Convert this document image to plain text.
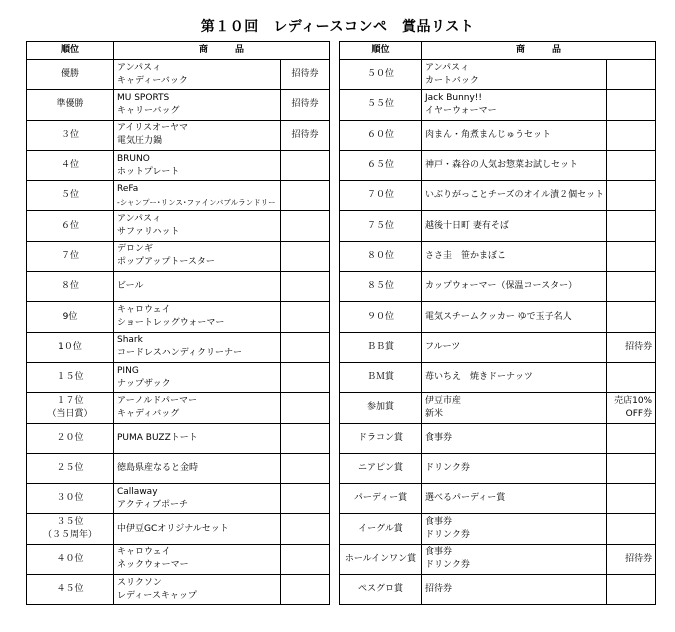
第１０回　レディースコンペ　賞品リスト
順位	商　　　品	

優勝	アンパスィ
キャディーバック	招待券

準優勝	MU SPORTS
キャリーバッグ	招待券

３位	アイリスオーヤマ
電気圧力鍋	招待券

４位	BRUNO
ホットプレート	

５位	ReFa
-シャンプー･リンス･ファインバブルランドリー	

６位	アンパスィ
サファリハット	

７位	デロンギ
ポップアップトースター	

８位	ビール	

9位	キャロウェイ
ショートレッグウォーマー	

1０位	Shark
コードレスハンディクリーナー	

１５位	PING
ナップザック	

１７位
（当日賞）	アーノルドパーマー
キャディバッグ	

２０位	PUMA BUZZトート	

２５位	徳島県産なると金時	

３０位	Callaway
アクティブポーチ	

３５位
（３５周年）	中伊豆GCオリジナルセット	

４０位	キャロウェイ
ネックウォーマー	

４５位	スリクソン
レディースキャップ	

順位	商　　　品	

５０位	アンパスィ
カートバック	

５５位	Jack Bunny!!
イヤーウォーマー	

６０位	肉まん・角煮まんじゅうセット	

６５位	神戸・森谷の人気お惣菜お試しセット	

７０位	いぶりがっことチーズのオイル漬２個セット	

７５位	越後十日町 妻有そば	

８０位	ささ圭　笹かまぼこ	

８５位	カップウォーマー（保温コースター）	

９０位	電気スチームクッカー ゆで玉子名人	

ＢＢ賞	フルーツ	招待券

ＢＭ賞	苺いちえ　焼きドーナッツ	

参加賞	伊豆市産
新米	売店10%
OFF券

ドラコン賞	食事券	

ニアピン賞	ドリンク券	

パーディー賞	選べるパーディー賞	

イーグル賞	食事券
ドリンク券	

ホールインワン賞	食事券
ドリンク券	招待券

ペスグロ賞	招待券	
